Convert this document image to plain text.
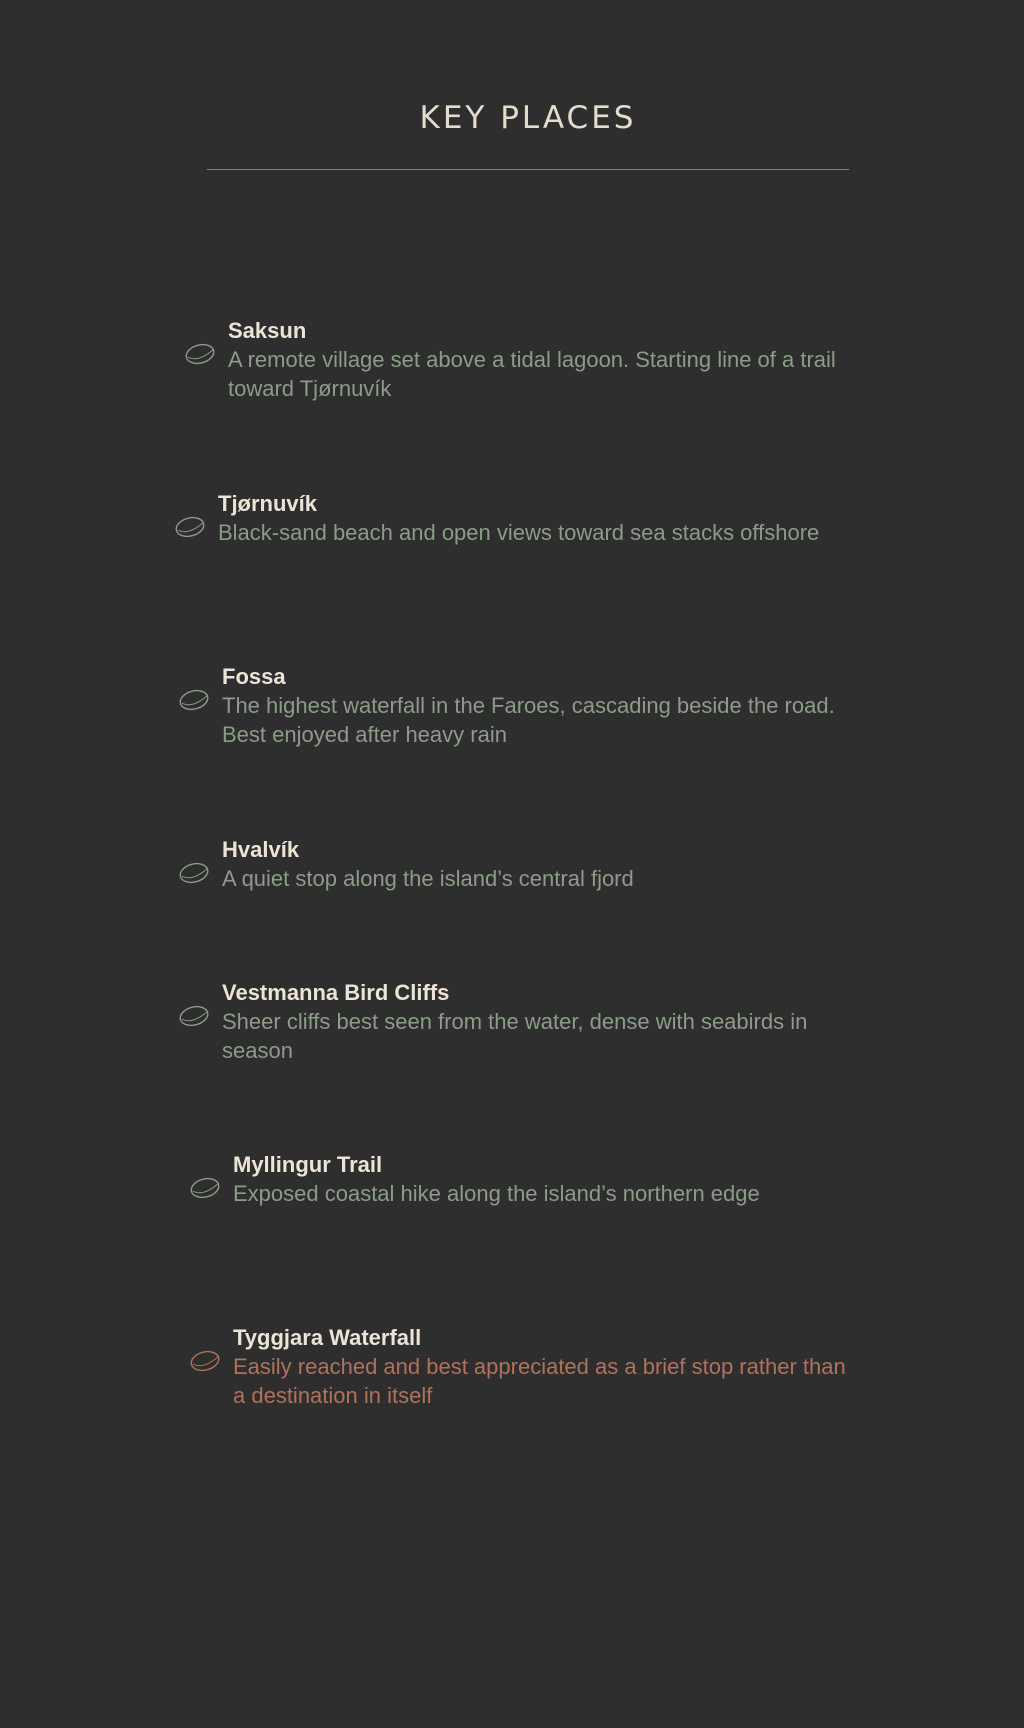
KEY PLACES

Saksun

A remote village set above a tidal lagoon. Starting line of a trail toward Tjørnuvík

Tjørnuvík

Black-sand beach and open views toward sea stacks offshore

Fossa

The highest waterfall in the Faroes, cascading beside the road. Best enjoyed after heavy rain

Hvalvík

A quiet stop along the island’s central fjord

Vestmanna Bird Cliffs

Sheer cliffs best seen from the water, dense with seabirds in season

Myllingur Trail

Exposed coastal hike along the island’s northern edge

Tyggjara Waterfall

Easily reached and best appreciated as a brief stop rather than a destination in itself
